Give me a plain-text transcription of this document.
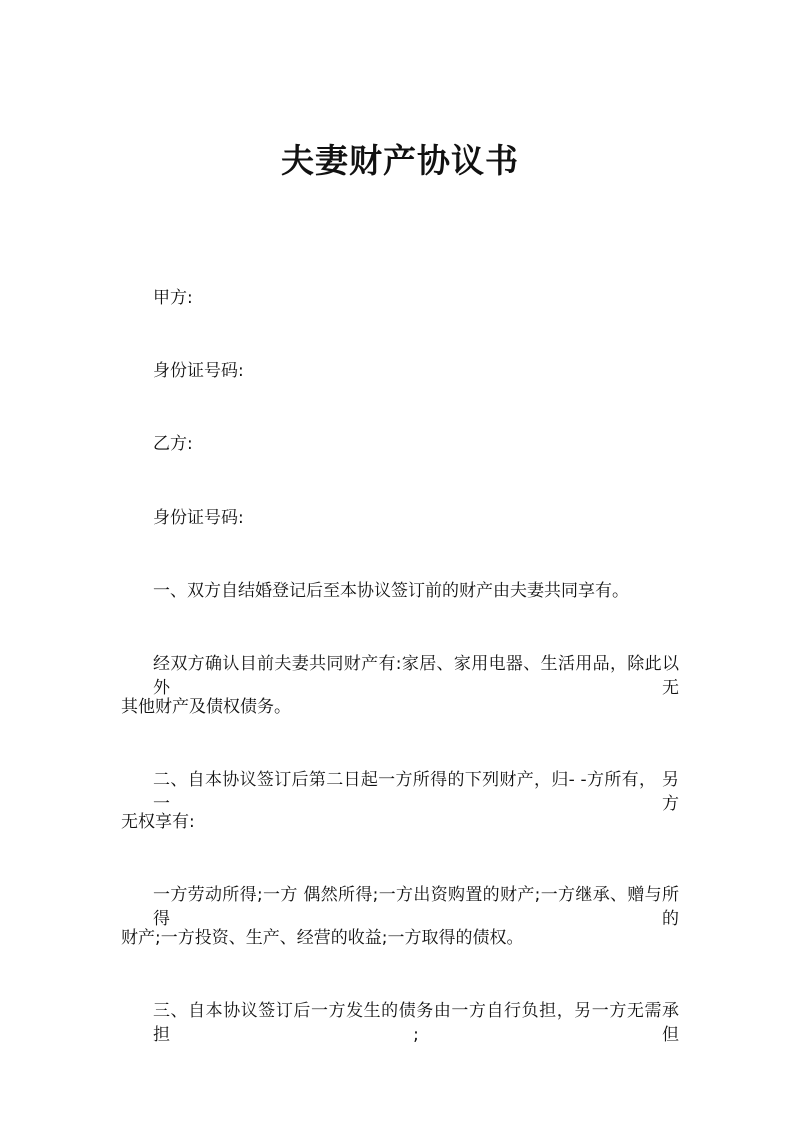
夫妻财产协议书

甲方:

身份证号码:

乙方:

身份证号码:

一、双方自结婚登记后至本协议签订前的财产由夫妻共同享有。

经双方确认目前夫妻共同财产有:家居、家用电器、生活用品，除此以外无

其他财产及债权债务。

二、自本协议签订后第二日起一方所得的下列财产，归- -方所有， 另一方

无权享有:

一方劳动所得;一方 偶然所得;一方出资购置的财产;一方继承、赠与所得的

财产;一方投资、生产、经营的收益;一方取得的债权。

三、自本协议签订后一方发生的债务由一方自行负担，另一方无需承担;但
